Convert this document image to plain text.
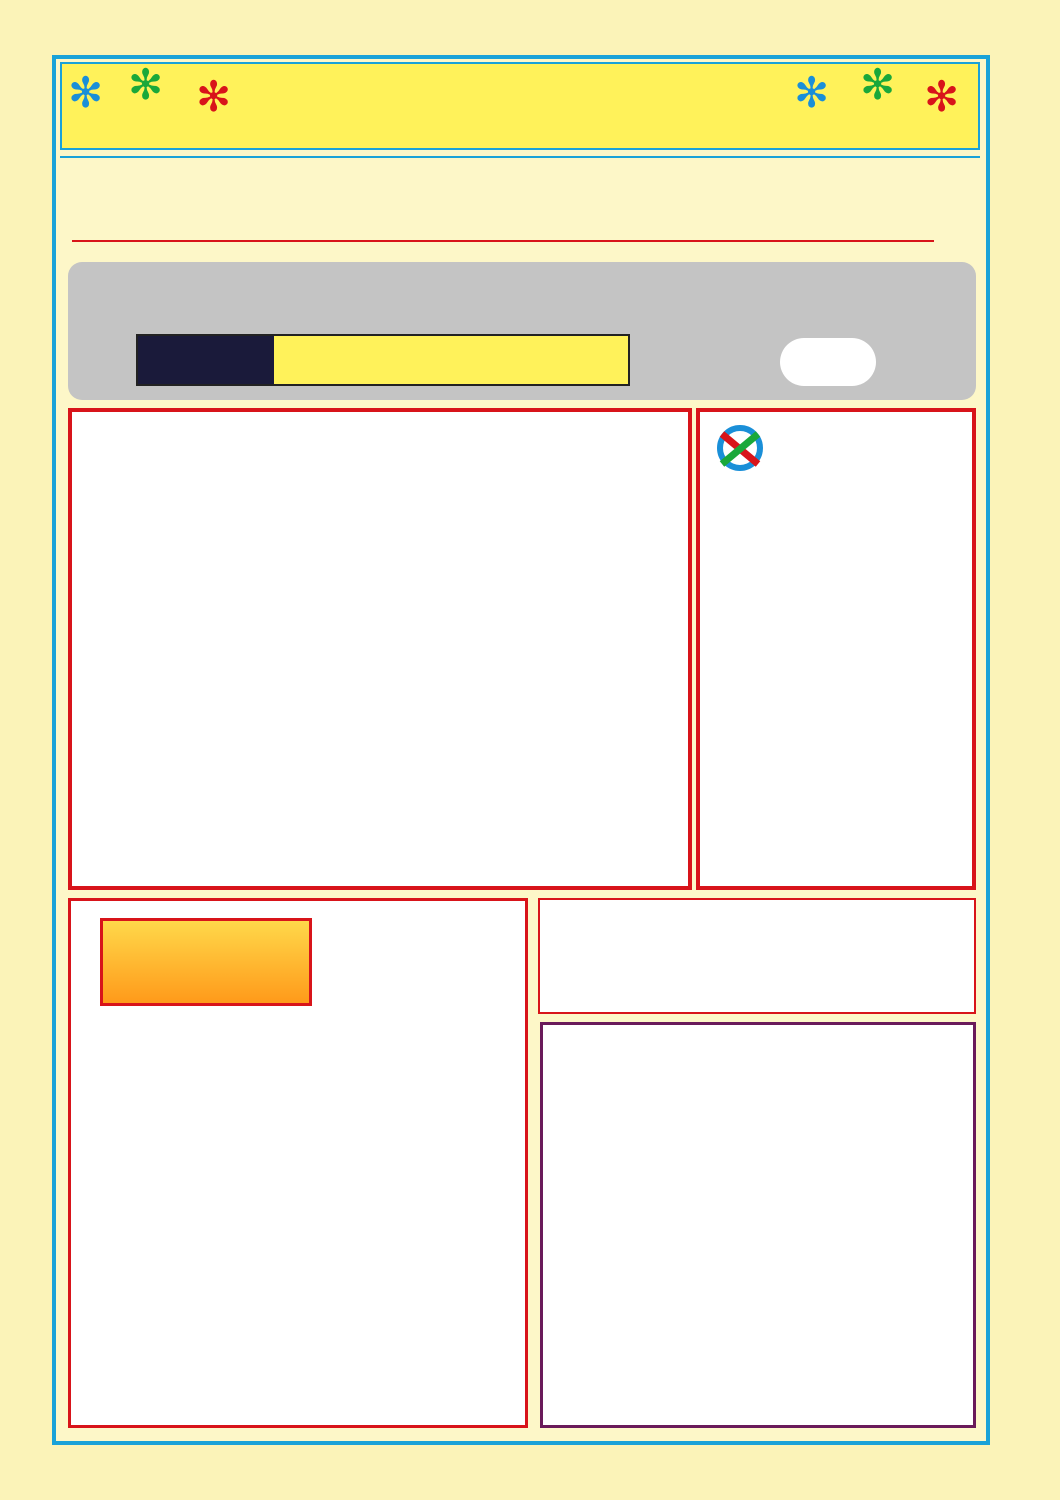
✻ ✻ ✻	✻ ✻ ✻
